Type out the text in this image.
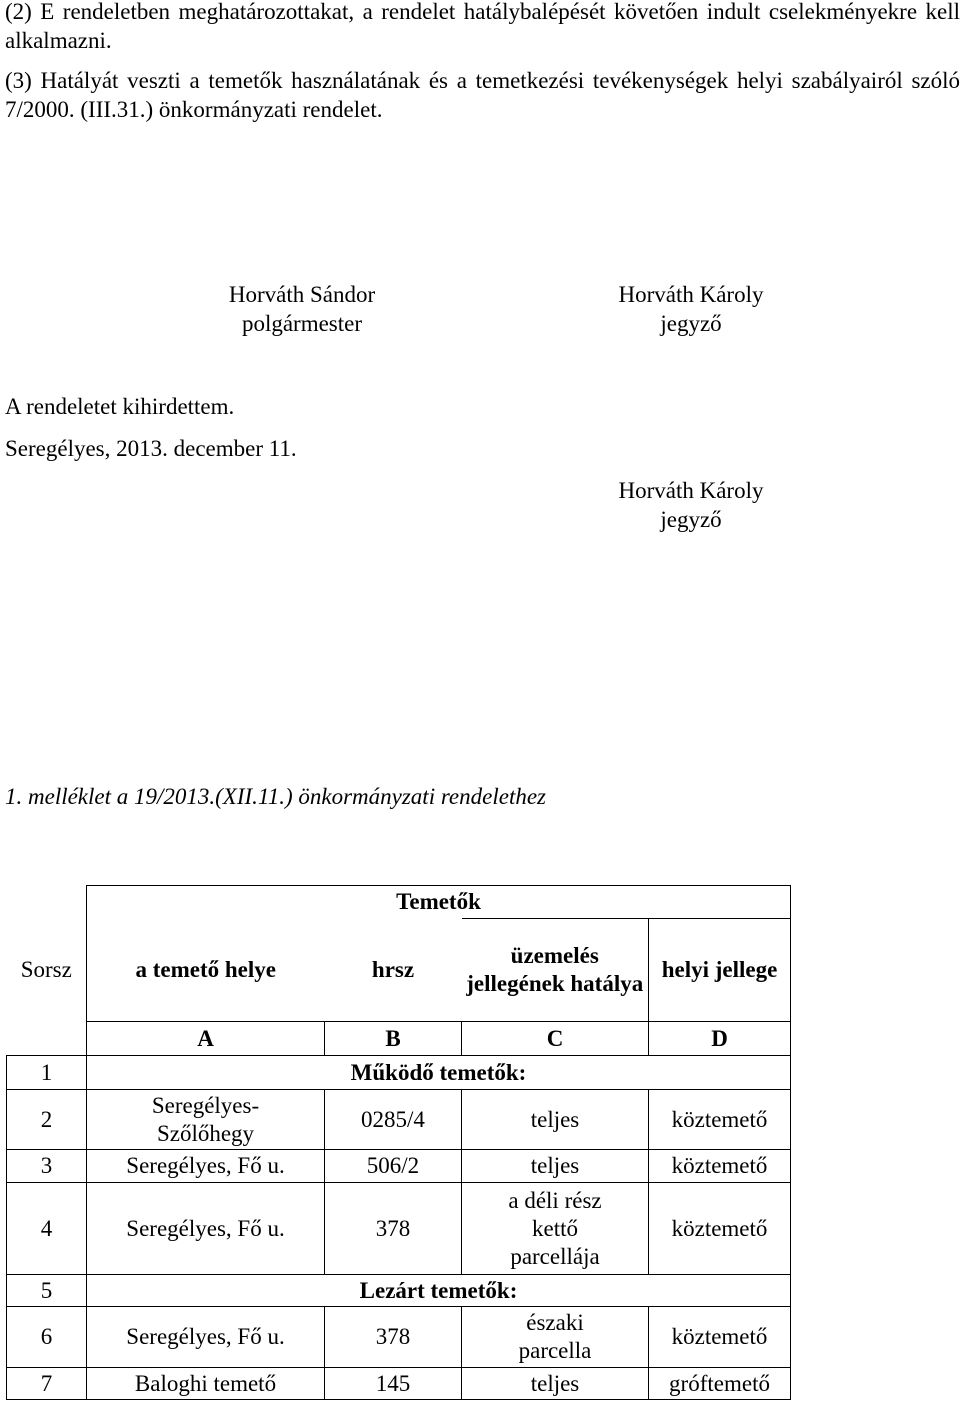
(2) E rendeletben meghatározottakat, a rendelet hatálybalépését követően indult cselekményekre kell alkalmazni.
(3) Hatályát veszti a temetők használatának és a temetkezési tevékenységek helyi szabályairól szóló 7/2000. (III.31.) önkormányzati rendelet.
Horváth Sándor
polgármester
Horváth Károly
jegyző
A rendeletet kihirdettem.
Seregélyes, 2013. december 11.
Horváth Károly
jegyző
1. melléklet a 19/2013.(XII.11.) önkormányzati rendelethez
	Temetők			
Sorsz	a temető helye	hrsz	üzemelés jellegének hatálya	helyi jellege
	A	B	C	D
1	Működő temetők:			
2	Seregélyes-Szőlőhegy	0285/4	teljes	köztemető
3	Seregélyes, Fő u.	506/2	teljes	köztemető
4	Seregélyes, Fő u.	378	a déli rész kettő parcellája	köztemető
5	Lezárt temetők:			
6	Seregélyes, Fő u.	378	északi parcella	köztemető
7	Baloghi temető	145	teljes	gróftemető
